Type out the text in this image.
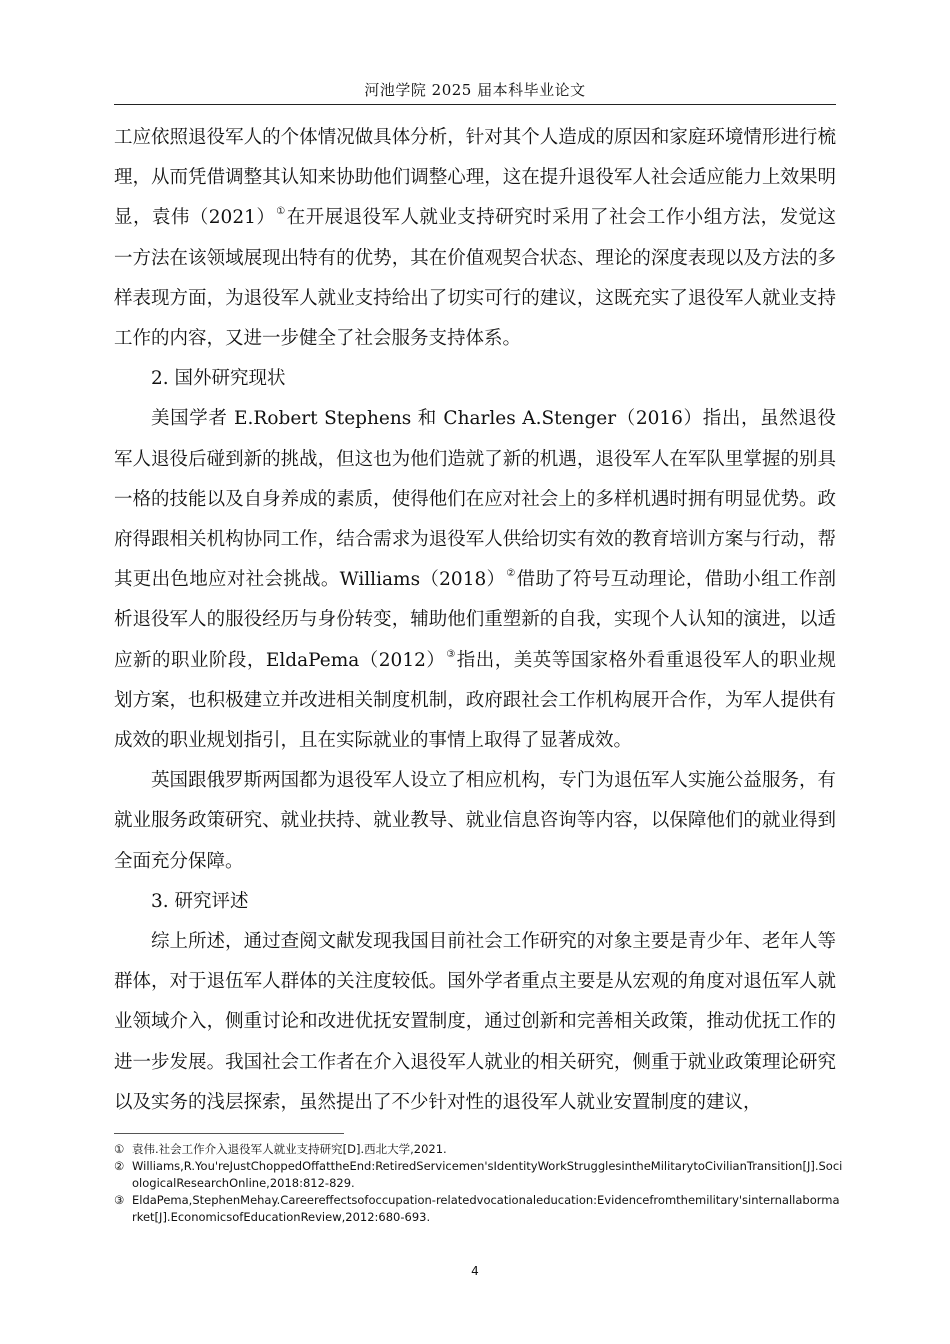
河池学院 2025 届本科毕业论文

工应依照退役军人的个体情况做具体分析，针对其个人造成的原因和家庭环境情形进行梳理，从而凭借调整其认知来协助他们调整心理，这在提升退役军人社会适应能力上效果明显，袁伟（2021）①在开展退役军人就业支持研究时采用了社会工作小组方法，发觉这一方法在该领域展现出特有的优势，其在价值观契合状态、理论的深度表现以及方法的多样表现方面，为退役军人就业支持给出了切实可行的建议，这既充实了退役军人就业支持工作的内容，又进一步健全了社会服务支持体系。

2. 国外研究现状

美国学者 E.Robert Stephens 和 Charles A.Stenger（2016）指出，虽然退役军人退役后碰到新的挑战，但这也为他们造就了新的机遇，退役军人在军队里掌握的别具一格的技能以及自身养成的素质，使得他们在应对社会上的多样机遇时拥有明显优势。政府得跟相关机构协同工作，结合需求为退役军人供给切实有效的教育培训方案与行动，帮其更出色地应对社会挑战。Williams（2018）②借助了符号互动理论，借助小组工作剖析退役军人的服役经历与身份转变，辅助他们重塑新的自我，实现个人认知的演进，以适应新的职业阶段，EldaPema（2012）③指出，美英等国家格外看重退役军人的职业规划方案，也积极建立并改进相关制度机制，政府跟社会工作机构展开合作，为军人提供有成效的职业规划指引，且在实际就业的事情上取得了显著成效。

英国跟俄罗斯两国都为退役军人设立了相应机构，专门为退伍军人实施公益服务，有就业服务政策研究、就业扶持、就业教导、就业信息咨询等内容，以保障他们的就业得到全面充分保障。

3. 研究评述

综上所述，通过查阅文献发现我国目前社会工作研究的对象主要是青少年、老年人等群体，对于退伍军人群体的关注度较低。国外学者重点主要是从宏观的角度对退伍军人就业领域介入，侧重讨论和改进优抚安置制度，通过创新和完善相关政策，推动优抚工作的进一步发展。我国社会工作者在介入退役军人就业的相关研究，侧重于就业政策理论研究以及实务的浅层探索，虽然提出了不少针对性的退役军人就业安置制度的建议，

① 袁伟.社会工作介入退役军人就业支持研究[D].西北大学,2021.

② Williams,R.You'reJustChoppedOffattheEnd:RetiredServicemen'sIdentityWorkStrugglesintheMilitarytoCivilianTransition[J].SociologicalResearchOnline,2018:812-829.

③ EldaPema,StephenMehay.Careereffectsofoccupation-relatedvocationaleducation:Evidencefromthemilitary'sinternallabormarket[J].EconomicsofEducationReview,2012:680-693.

4
